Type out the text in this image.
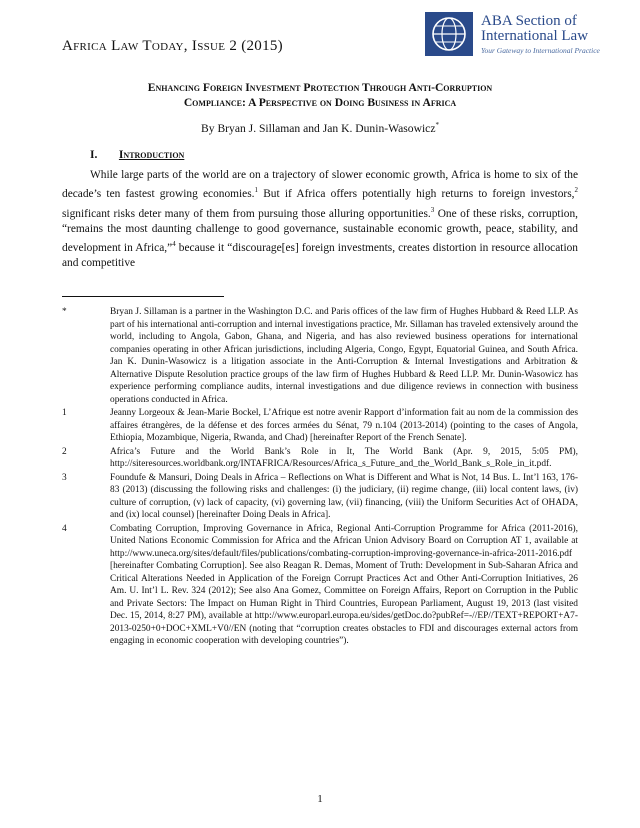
Africa Law Today, Issue 2 (2015)
ABA Section of
International Law
Your Gateway to International Practice
Enhancing Foreign Investment Protection Through Anti-Corruption
Compliance: A Perspective on Doing Business in Africa
By Bryan J. Sillaman and Jan K. Dunin-Wasowicz*
I. Introduction

While large parts of the world are on a trajectory of slower economic growth, Africa is home to six of the decade’s ten fastest growing economies.$^1$ But if Africa offers potentially high returns to foreign investors,$^2$ significant risks deter many of them from pursuing those alluring opportunities.$^3$ One of these risks, corruption, “remains the most daunting challenge to good governance, sustainable economic growth, peace, stability, and development in Africa,”$^4$ because it “discourage[es] foreign investments, creates distortion in resource allocation and competitive

*	Bryan J. Sillaman is a partner in the Washington D.C. and Paris offices of the law firm of Hughes Hubbard & Reed LLP. As part of his international anti-corruption and internal investigations practice, Mr. Sillaman has traveled extensively around the world, including to Angola, Gabon, Ghana, and Nigeria, and has also reviewed business operations for international companies operating in other African jurisdictions, including Algeria, Congo, Egypt, Equatorial Guinea, and South Africa. Jan K. Dunin-Wasowicz is a litigation associate in the Anti-Corruption & Internal Investigations and Arbitration & Alternative Dispute Resolution practice groups of the law firm of Hughes Hubbard & Reed LLP. Mr. Dunin-Wasowicz has experience performing compliance audits, internal investigations and due diligence reviews in connection with business operations conducted in Africa.
1	Jeanny Lorgeoux & Jean-Marie Bockel, L’Afrique est notre avenir Rapport d’information fait au nom de la commission des affaires étrangères, de la défense et des forces armées du Sénat, 79 n.104 (2013-2014) (pointing to the cases of Angola, Ethiopia, Mozambique, Nigeria, Rwanda, and Chad) [hereinafter Report of the French Senate].
2	Africa’s Future and the World Bank’s Role in It, The World Bank (Apr. 9, 2015, 5:05 PM), http://siteresources.worldbank.org/INTAFRICA/Resources/Africa_s_Future_and_the_World_Bank_s_Role_in_it.pdf.
3	Foundufe & Mansuri, Doing Deals in Africa – Reflections on What is Different and What is Not, 14 Bus. L. Int’l 163, 176-83 (2013) (discussing the following risks and challenges: (i) the judiciary, (ii) regime change, (iii) local content laws, (iv) culture of corruption, (v) lack of capacity, (vi) governing law, (vii) financing, (viii) the Uniform Securities Act of OHADA, and (ix) local counsel) [hereinafter Doing Deals in Africa].
4	Combating Corruption, Improving Governance in Africa, Regional Anti-Corruption Programme for Africa (2011-2016), United Nations Economic Commission for Africa and the African Union Advisory Board on Corruption AT 1, available at http://www.uneca.org/sites/default/files/publications/combating-corruption-improving-governance-in-africa-2011-2016.pdf [hereinafter Combating Corruption]. See also Reagan R. Demas, Moment of Truth: Development in Sub-Saharan Africa and Critical Alterations Needed in Application of the Foreign Corrupt Practices Act and Other Anti-Corruption Initiatives, 26 Am. U. Int’l L. Rev. 324 (2012); See also Ana Gomez, Committee on Foreign Affairs, Report on Corruption in the Public and Private Sectors: The Impact on Human Right in Third Countries, European Parliament, August 19, 2013 (last visited Dec. 15, 2014, 8:27 PM), available at http://www.europarl.europa.eu/sides/getDoc.do?pubRef=-//EP//TEXT+REPORT+A7-2013-0250+0+DOC+XML+V0//EN (noting that “corruption creates obstacles to FDI and discourages external actors from engaging in economic cooperation with developing countries”).
1
